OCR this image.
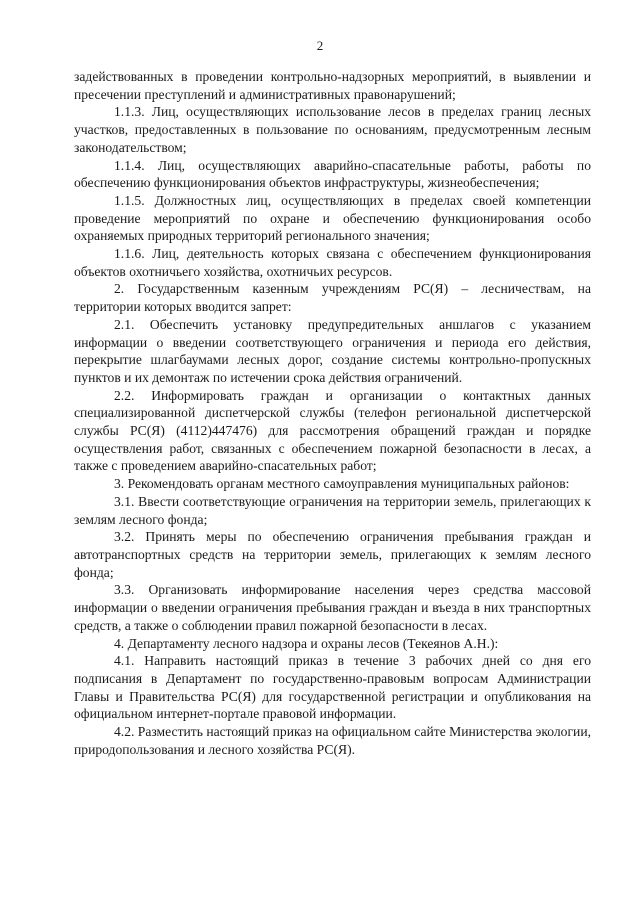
2

задействованных в проведении контрольно-надзорных мероприятий, в выявлении и пресечении преступлений и административных правонарушений;

1.1.3. Лиц, осуществляющих использование лесов в пределах границ лесных участков, предоставленных в пользование по основаниям, предусмотренным лесным законодательством;

1.1.4. Лиц, осуществляющих аварийно-спасательные работы, работы по обеспечению функционирования объектов инфраструктуры, жизнеобеспечения;

1.1.5. Должностных лиц, осуществляющих в пределах своей компетенции проведение мероприятий по охране и обеспечению функционирования особо охраняемых природных территорий регионального значения;

1.1.6. Лиц, деятельность которых связана с обеспечением функционирования объектов охотничьего хозяйства, охотничьих ресурсов.

2. Государственным казенным учреждениям РС(Я) – лесничествам, на территории которых вводится запрет:

2.1. Обеспечить установку предупредительных аншлагов с указанием информации о введении соответствующего ограничения и периода его действия, перекрытие шлагбаумами лесных дорог, создание системы контрольно-пропускных пунктов и их демонтаж по истечении срока действия ограничений.

2.2. Информировать граждан и организации о контактных данных специализированной диспетчерской службы (телефон региональной диспетчерской службы РС(Я) (4112)447476) для рассмотрения обращений граждан и порядке осуществления работ, связанных с обеспечением пожарной безопасности в лесах, а также с проведением аварийно-спасательных работ;

3. Рекомендовать органам местного самоуправления муниципальных районов:

3.1. Ввести соответствующие ограничения на территории земель, прилегающих к землям лесного фонда;

3.2. Принять меры по обеспечению ограничения пребывания граждан и автотранспортных средств на территории земель, прилегающих к землям лесного фонда;

3.3. Организовать информирование населения через средства массовой информации о введении ограничения пребывания граждан и въезда в них транспортных средств, а также о соблюдении правил пожарной безопасности в лесах.

4. Департаменту лесного надзора и охраны лесов (Текеянов А.Н.):

4.1. Направить настоящий приказ в течение 3 рабочих дней со дня его подписания в Департамент по государственно-правовым вопросам Администрации Главы и Правительства РС(Я) для государственной регистрации и опубликования на официальном интернет-портале правовой информации.

4.2. Разместить настоящий приказ на официальном сайте Министерства экологии, природопользования и лесного хозяйства РС(Я).
